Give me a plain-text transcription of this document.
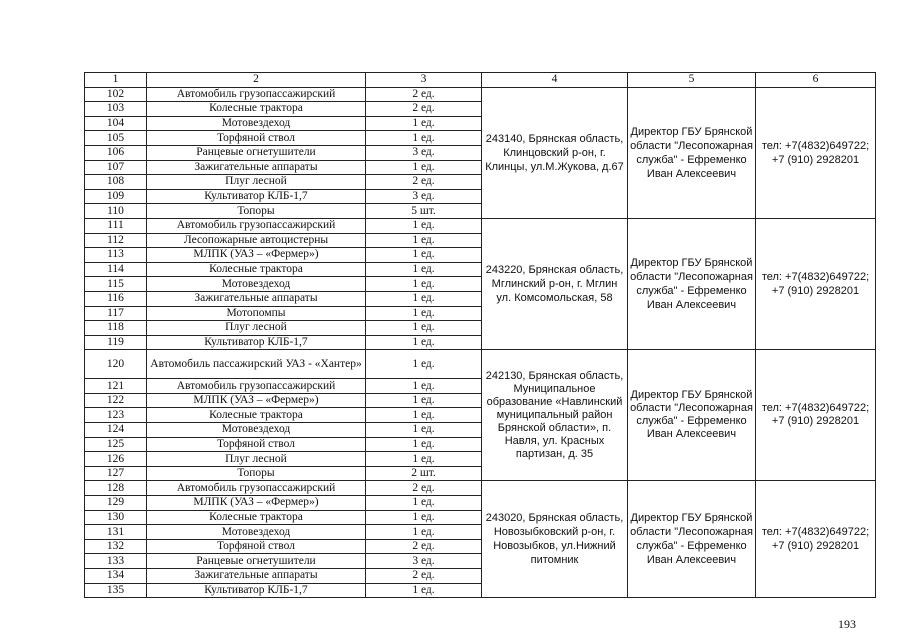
1	2	3	4	5	6
102	Автомобиль грузопассажирский	2 ед.	243140, Брянская область, Клинцовский р-он, г. Клинцы, ул.М.Жукова, д.67	Директор ГБУ Брянской области "Лесопожарная служба" - Ефременко Иван Алексеевич	тел: +7(4832)649722; +7 (910) 2928201
103	Колесные трактора	2 ед.			
104	Мотовездеход	1 ед.			
105	Торфяной ствол	1 ед.			
106	Ранцевые огнетушители	3 ед.			
107	Зажигательные аппараты	1 ед.			
108	Плуг лесной	2 ед.			
109	Культиватор КЛБ-1,7	3 ед.			
110	Топоры	5 шт.			
111	Автомобиль грузопассажирский	1 ед.	243220, Брянская область, Мглинский р-он, г. Мглин ул. Комсомольская, 58	Директор ГБУ Брянской области "Лесопожарная служба" - Ефременко Иван Алексеевич	тел: +7(4832)649722; +7 (910) 2928201
112	Лесопожарные автоцистерны	1 ед.			
113	МЛПК (УАЗ – «Фермер»)	1 ед.			
114	Колесные трактора	1 ед.			
115	Мотовездеход	1 ед.			
116	Зажигательные аппараты	1 ед.			
117	Мотопомпы	1 ед.			
118	Плуг лесной	1 ед.			
119	Культиватор КЛБ-1,7	1 ед.			
120	Автомобиль пассажирский УАЗ - «Хантер»	1 ед.	242130, Брянская область, Муниципальное образование «Навлинский муниципальный район Брянской области», п. Навля, ул. Красных партизан, д. 35	Директор ГБУ Брянской области "Лесопожарная служба" - Ефременко Иван Алексеевич	тел: +7(4832)649722; +7 (910) 2928201
121	Автомобиль грузопассажирский	1 ед.			
122	МЛПК (УАЗ – «Фермер»)	1 ед.			
123	Колесные трактора	1 ед.			
124	Мотовездеход	1 ед.			
125	Торфяной ствол	1 ед.			
126	Плуг лесной	1 ед.			
127	Топоры	2 шт.			
128	Автомобиль грузопассажирский	2 ед.	243020, Брянская область, Новозыбковский р-он, г. Новозыбков, ул.Нижний питомник	Директор ГБУ Брянской области "Лесопожарная служба" - Ефременко Иван Алексеевич	тел: +7(4832)649722; +7 (910) 2928201
129	МЛПК (УАЗ – «Фермер»)	1 ед.			
130	Колесные трактора	1 ед.			
131	Мотовездеход	1 ед.			
132	Торфяной ствол	2 ед.			
133	Ранцевые огнетушители	3 ед.			
134	Зажигательные аппараты	2 ед.			
135	Культиватор КЛБ-1,7	1 ед.			
193
